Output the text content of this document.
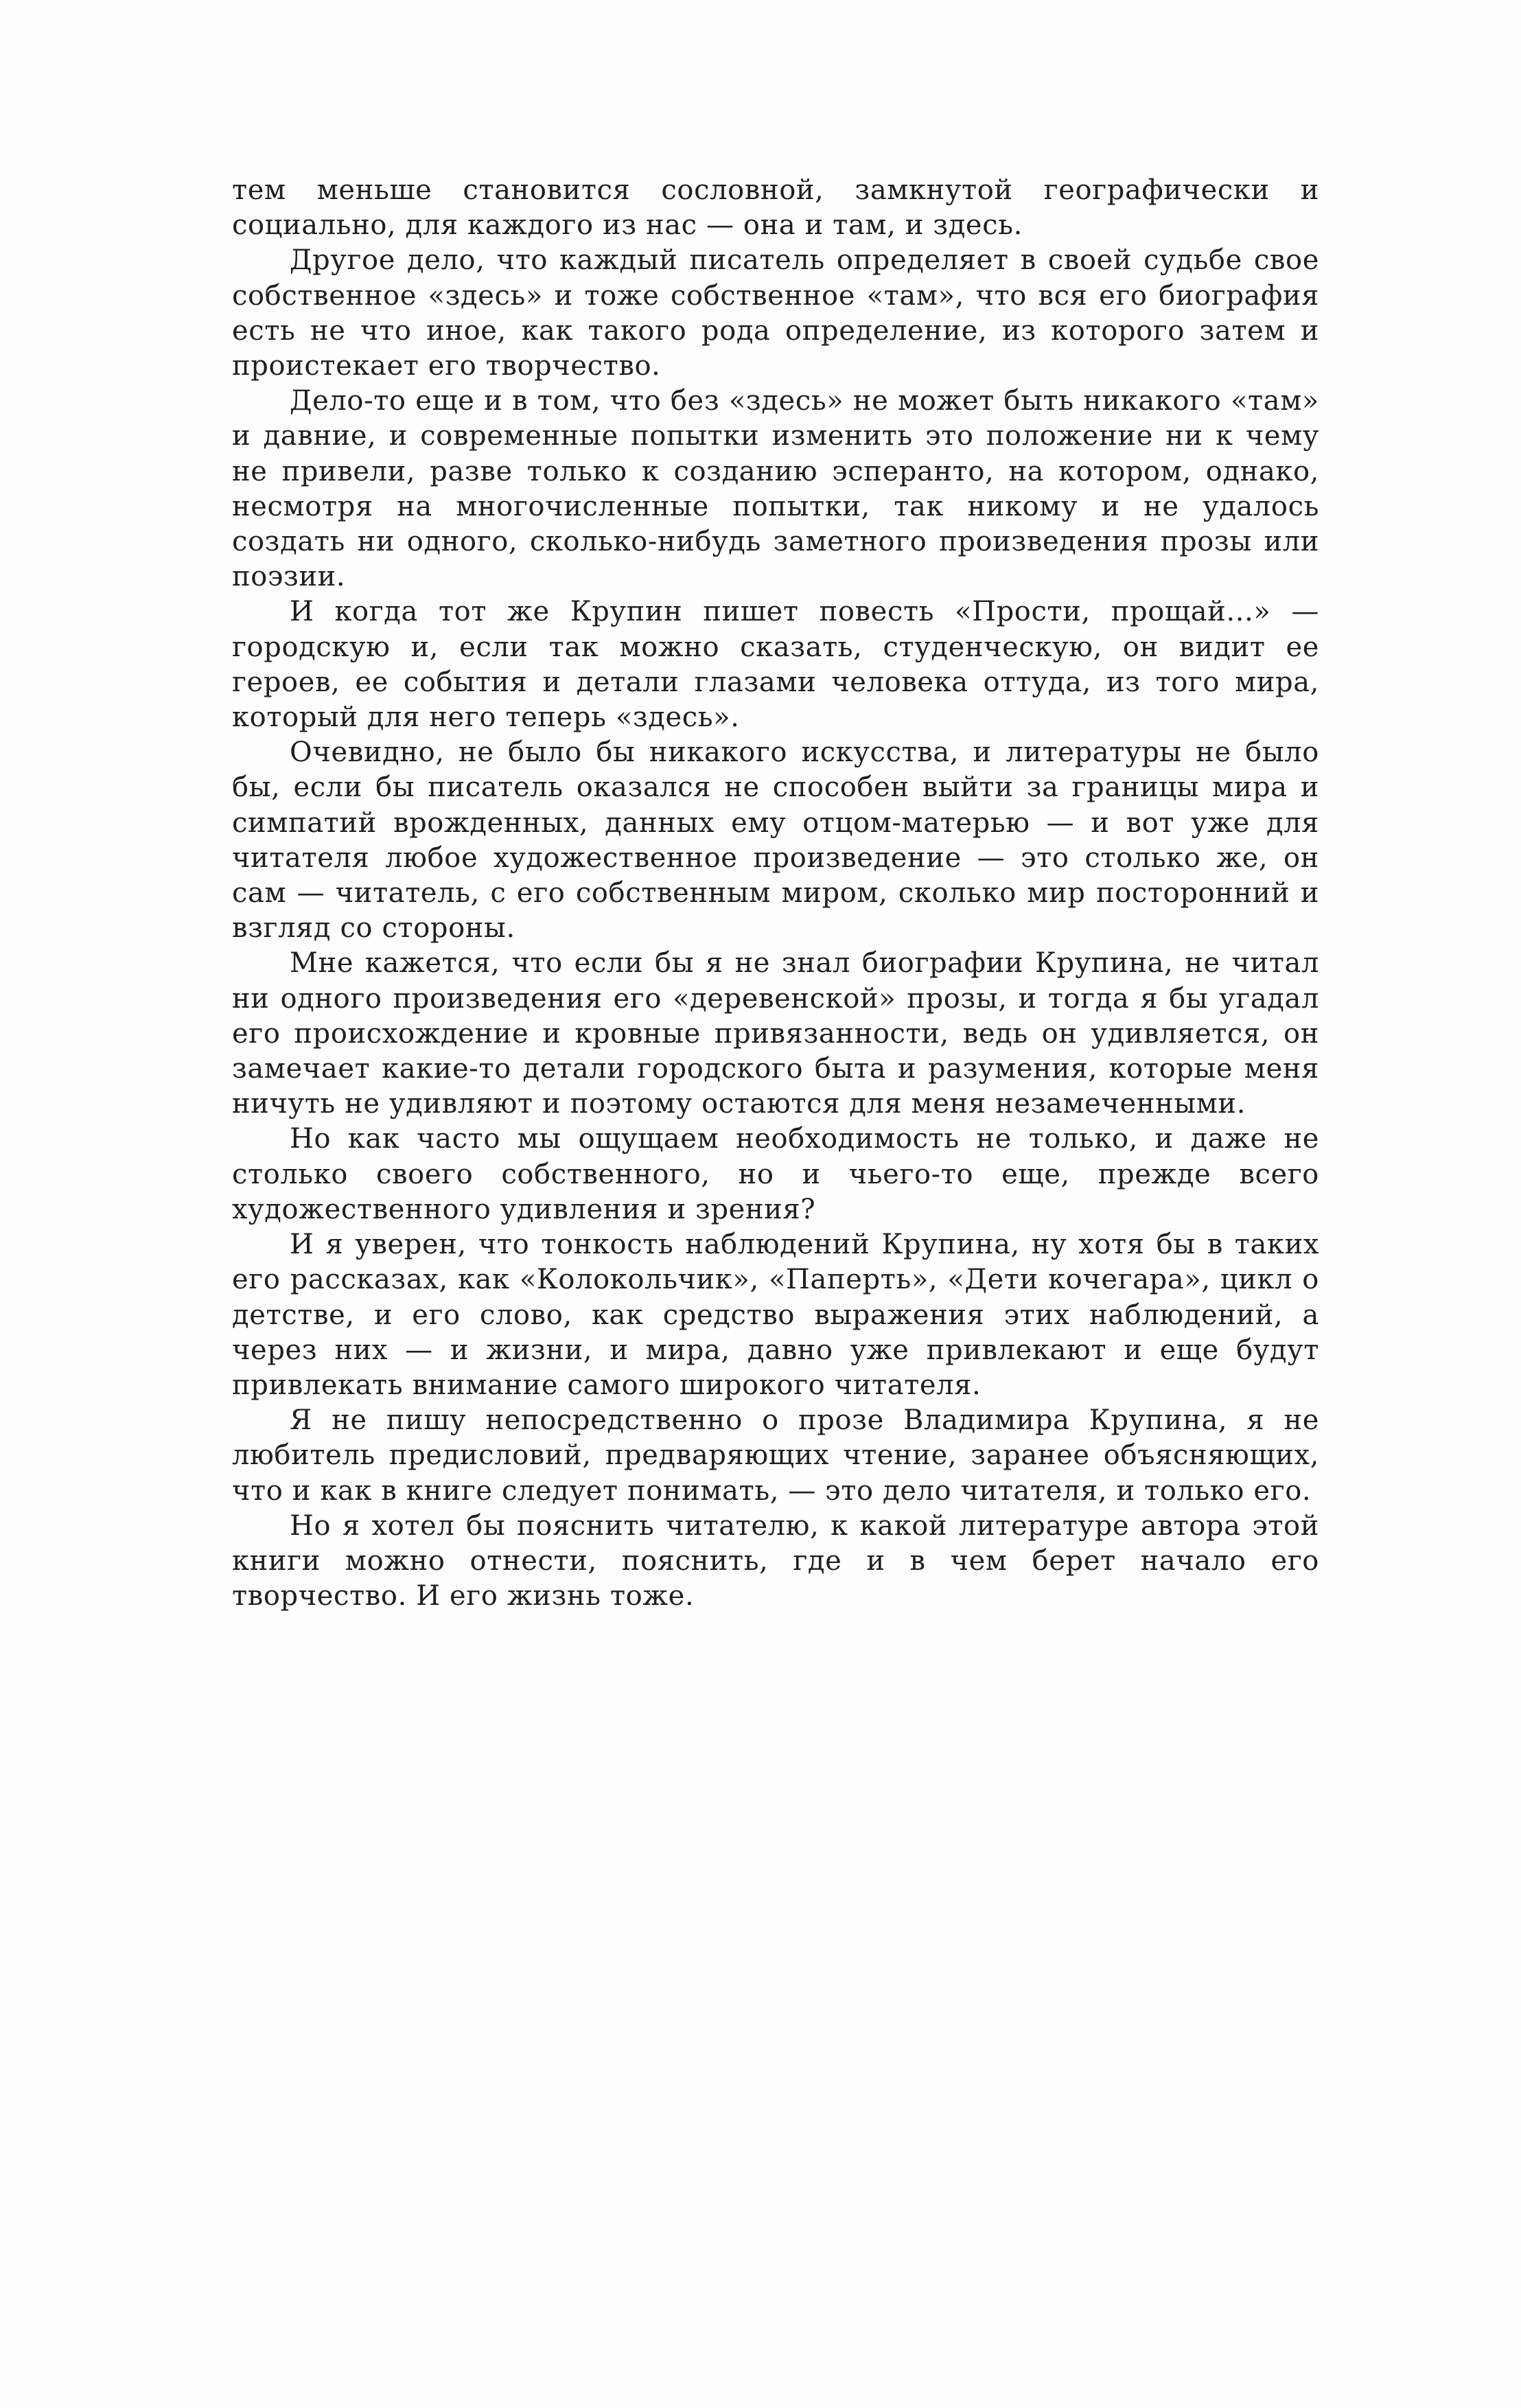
тем меньше становится сословной, замкнутой географически и социально, для каждого из нас — она и там, и здесь.

Другое дело, что каждый писатель определяет в своей судьбе свое собственное «здесь» и тоже собственное «там», что вся его биография есть не что иное, как такого рода определение, из которого затем и проистекает его творчество.

Дело-то еще и в том, что без «здесь» не может быть никакого «там» и давние, и современные попытки изменить это положение ни к чему не привели, разве только к созданию эсперанто, на котором, однако, несмотря на многочисленные попытки, так никому и не удалось создать ни одного, сколько-нибудь заметного произведения прозы или поэзии.

И когда тот же Крупин пишет повесть «Прости, прощай...» — городскую и, если так можно сказать, студенческую, он видит ее героев, ее события и детали глазами человека оттуда, из того мира, который для него теперь «здесь».

Очевидно, не было бы никакого искусства, и литературы не было бы, если бы писатель оказался не способен выйти за границы мира и симпатий врожденных, данных ему отцом-матерью — и вот уже для читателя любое художественное произведение — это столько же, он сам — читатель, с его собственным миром, сколько мир посторонний и взгляд со стороны.

Мне кажется, что если бы я не знал биографии Крупина, не читал ни одного произведения его «деревенской» прозы, и тогда я бы угадал его происхождение и кровные привязанности, ведь он удивляется, он замечает какие-то детали городского быта и разумения, которые меня ничуть не удивляют и поэтому остаются для меня незамеченными.

Но как часто мы ощущаем необходимость не только, и даже не столько своего собственного, но и чьего-то еще, прежде всего художественного удивления и зрения?

И я уверен, что тонкость наблюдений Крупина, ну хотя бы в таких его рассказах, как «Колокольчик», «Паперть», «Дети кочегара», цикл о детстве, и его слово, как средство выражения этих наблюдений, а через них — и жизни, и мира, давно уже привлекают и еще будут привлекать внимание самого широкого читателя.

Я не пишу непосредственно о прозе Владимира Крупина, я не любитель предисловий, предваряющих чтение, заранее объясняющих, что и как в книге следует понимать, — это дело читателя, и только его.

Но я хотел бы пояснить читателю, к какой литературе автора этой книги можно отнести, пояснить, где и в чем берет начало его творчество. И его жизнь тоже.
